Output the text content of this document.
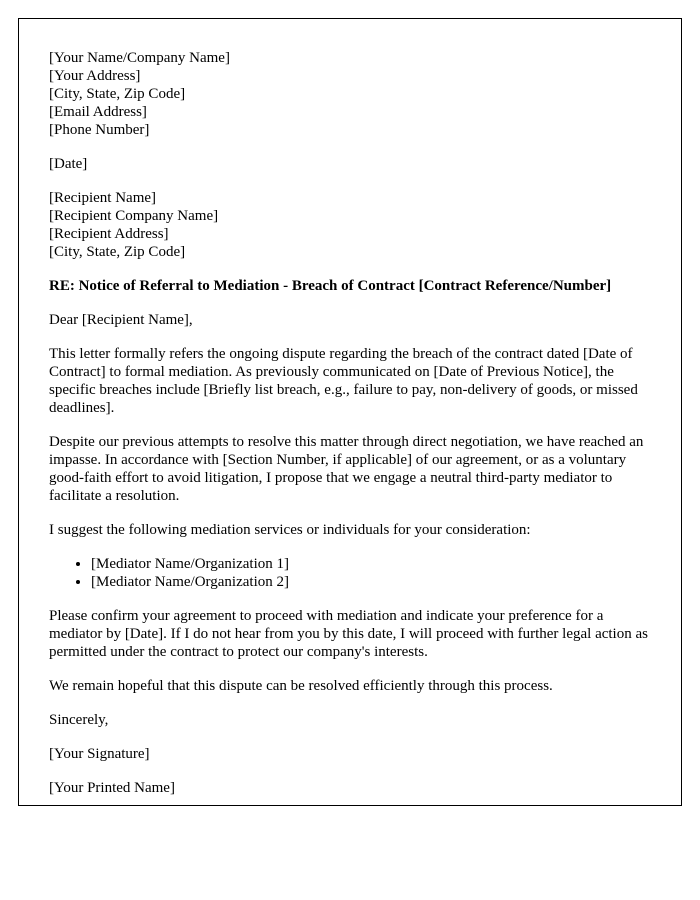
[Your Name/Company Name]
[Your Address]
[City, State, Zip Code]
[Email Address]
[Phone Number]
[Date]
[Recipient Name]
[Recipient Company Name]
[Recipient Address]
[City, State, Zip Code]

RE: Notice of Referral to Mediation - Breach of Contract [Contract Reference/Number]

Dear [Recipient Name],

This letter formally refers the ongoing dispute regarding the breach of the contract dated [Date of Contract] to formal mediation. As previously communicated on [Date of Previous Notice], the specific breaches include [Briefly list breach, e.g., failure to pay, non-delivery of goods, or missed deadlines].

Despite our previous attempts to resolve this matter through direct negotiation, we have reached an impasse. In accordance with [Section Number, if applicable] of our agreement, or as a voluntary good-faith effort to avoid litigation, I propose that we engage a neutral third-party mediator to facilitate a resolution.

I suggest the following mediation services or individuals for your consideration:

• [Mediator Name/Organization 1]
• [Mediator Name/Organization 2]

Please confirm your agreement to proceed with mediation and indicate your preference for a mediator by [Date]. If I do not hear from you by this date, I will proceed with further legal action as permitted under the contract to protect our company's interests.

We remain hopeful that this dispute can be resolved efficiently through this process.

Sincerely,

[Your Signature]

[Your Printed Name]
